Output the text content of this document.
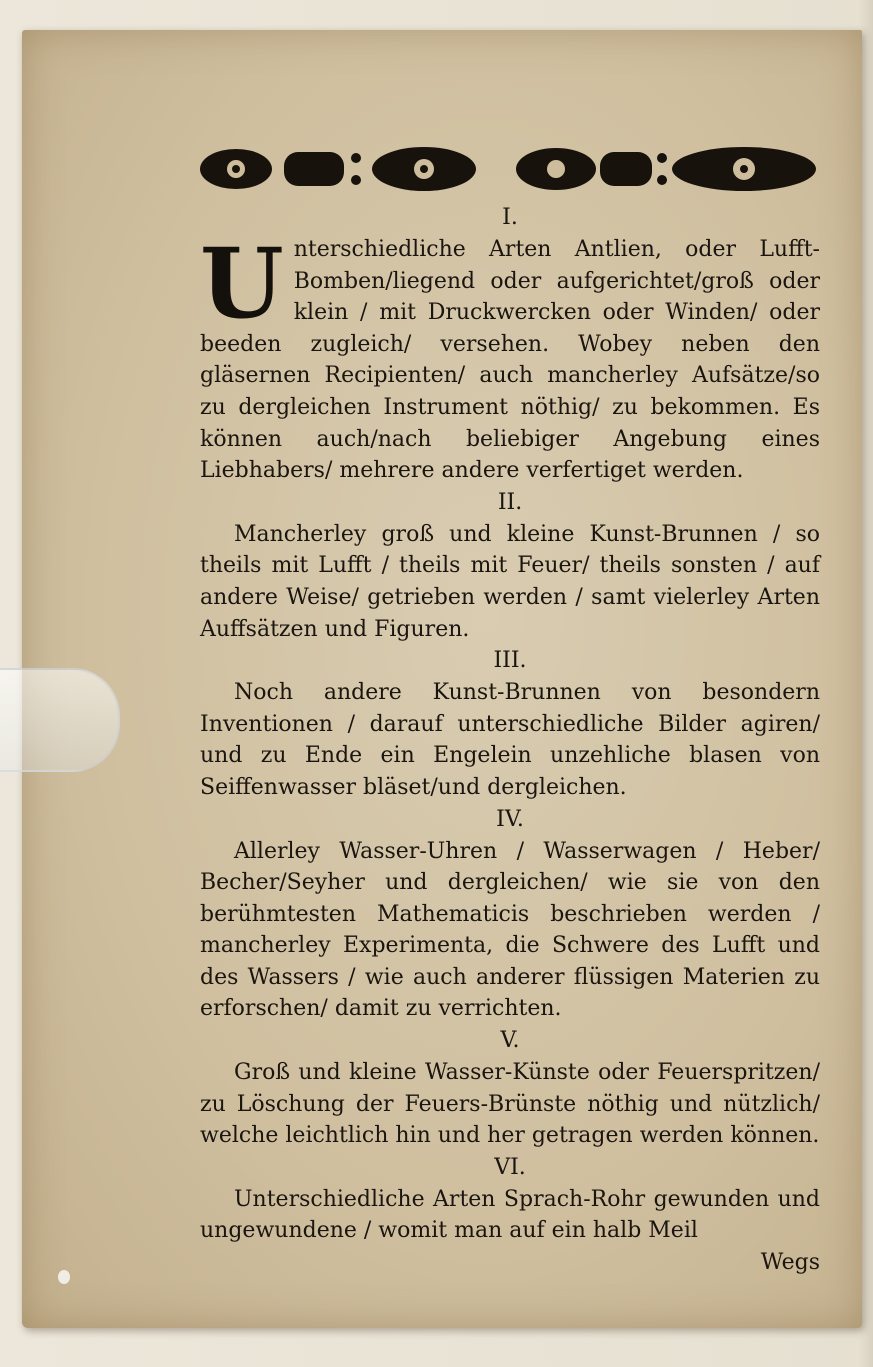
I.

U nterschiedliche Arten Antlien, oder Lufft-Bomben/liegend oder aufgerichtet/groß oder klein / mit Druckwercken oder Winden/ oder beeden zugleich/ versehen. Wobey neben den gläsernen Recipienten/ auch mancherley Aufsätze/so zu dergleichen Instrument nöthig/ zu bekommen. Es können auch/nach beliebiger Angebung eines Liebhabers/ mehrere andere verfertiget werden.

II.

Mancherley groß und kleine Kunst-Brunnen / so theils mit Lufft / theils mit Feuer/ theils sonsten / auf andere Weise/ getrieben werden / samt vielerley Arten Auffsätzen und Figuren.

III.

Noch andere Kunst-Brunnen von besondern Inventionen / darauf unterschiedliche Bilder agiren/ und zu Ende ein Engelein unzehliche blasen von Seiffenwasser bläset/und dergleichen.

IV.

Allerley Wasser-Uhren / Wasserwagen / Heber/ Becher/Seyher und dergleichen/ wie sie von den berühmtesten Mathematicis beschrieben werden / mancherley Experimenta, die Schwere des Lufft und des Wassers / wie auch anderer flüssigen Materien zu erforschen/ damit zu verrichten.

V.

Groß und kleine Wasser-Künste oder Feuerspritzen/ zu Löschung der Feuers-Brünste nöthig und nützlich/ welche leichtlich hin und her getragen werden können.

VI.

Unterschiedliche Arten Sprach-Rohr gewunden und ungewundene / womit man auf ein halb Meil

Wegs
